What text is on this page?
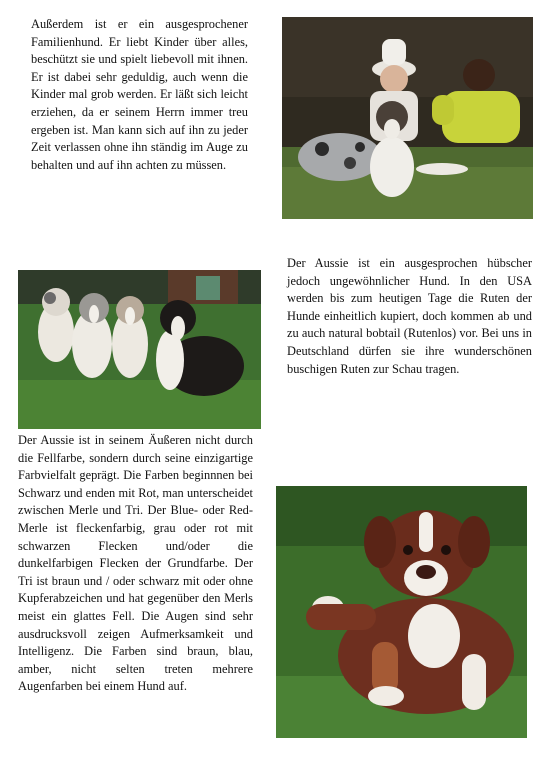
Außerdem ist er ein ausgesprochener Familienhund. Er liebt Kinder über alles, beschützt sie und spielt liebevoll mit ihnen. Er ist dabei sehr geduldig, auch wenn die Kinder mal grob werden. Er läßt sich leicht erziehen, da er seinem Herrn immer treu ergeben ist. Man kann sich auf ihn zu jeder Zeit verlassen ohne ihn ständig im Auge zu behalten und auf ihn achten zu müssen.

Der Aussie ist ein ausgesprochen hübscher jedoch ungewöhnlicher Hund. In den USA werden bis zum heutigen Tage die Ruten der Hunde einheitlich kupiert, doch kommen ab und zu auch natural bobtail (Rutenlos) vor. Bei uns in Deutschland dürfen sie ihre wunderschönen buschigen Ruten zur Schau tragen.

Der Aussie ist in seinem Äußeren nicht durch die Fellfarbe, sondern durch seine einzigartige Farbvielfalt geprägt. Die Farben beginnnen bei Schwarz und enden mit Rot, man unterscheidet zwischen Merle und Tri. Der Blue- oder Red-Merle ist fleckenfarbig, grau oder rot mit schwarzen Flecken und/oder die dunkelfarbigen Flecken der Grundfarbe. Der Tri ist braun und / oder schwarz mit oder ohne Kupferabzeichen und hat gegenüber den Merls meist ein glattes Fell. Die Augen sind sehr ausdrucksvoll zeigen Aufmerksamkeit und Intelligenz. Die Farben sind braun, blau, amber, nicht selten treten mehrere Augenfarben bei einem Hund auf.
